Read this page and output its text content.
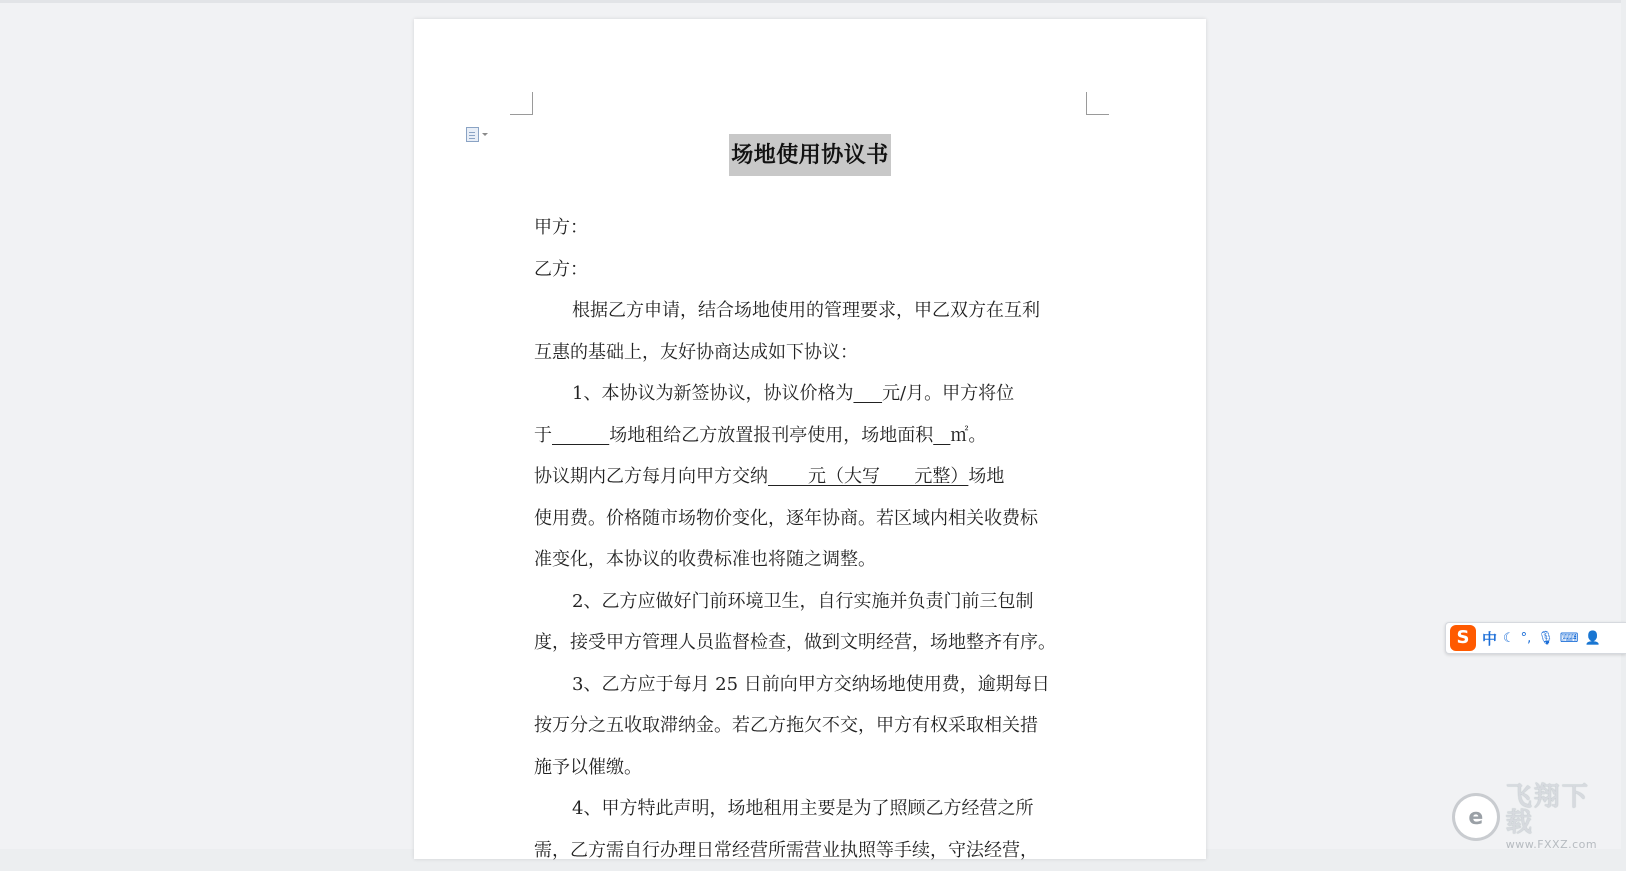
场地使用协议书
甲方：
乙方：
根据乙方申请，结合场地使用的管理要求，甲乙双方在互利
互惠的基础上，友好协商达成如下协议：
1、本协议为新签协议，协议价格为 元/月。甲方将位
于	场地租给乙方放置报刊亭使用，场地面积 ㎡。
协议期内乙方每月向甲方交纳       元（大写      元整）场地
使用费。价格随市场物价变化，逐年协商。若区域内相关收费标
准变化，本协议的收费标准也将随之调整。
2、乙方应做好门前环境卫生，自行实施并负责门前三包制
度，接受甲方管理人员监督检查，做到文明经营，场地整齐有序。
3、乙方应于每月 25 日前向甲方交纳场地使用费，逾期每日
按万分之五收取滞纳金。若乙方拖欠不交，甲方有权采取相关措
施予以催缴。
4、甲方特此声明，场地租用主要是为了照顾乙方经营之所
需，乙方需自行办理日常经营所需营业执照等手续，守法经营，
S 中 ☾ °, 🎙 ⌨ 👤
e
飞翔下载
www.FXXZ.com
